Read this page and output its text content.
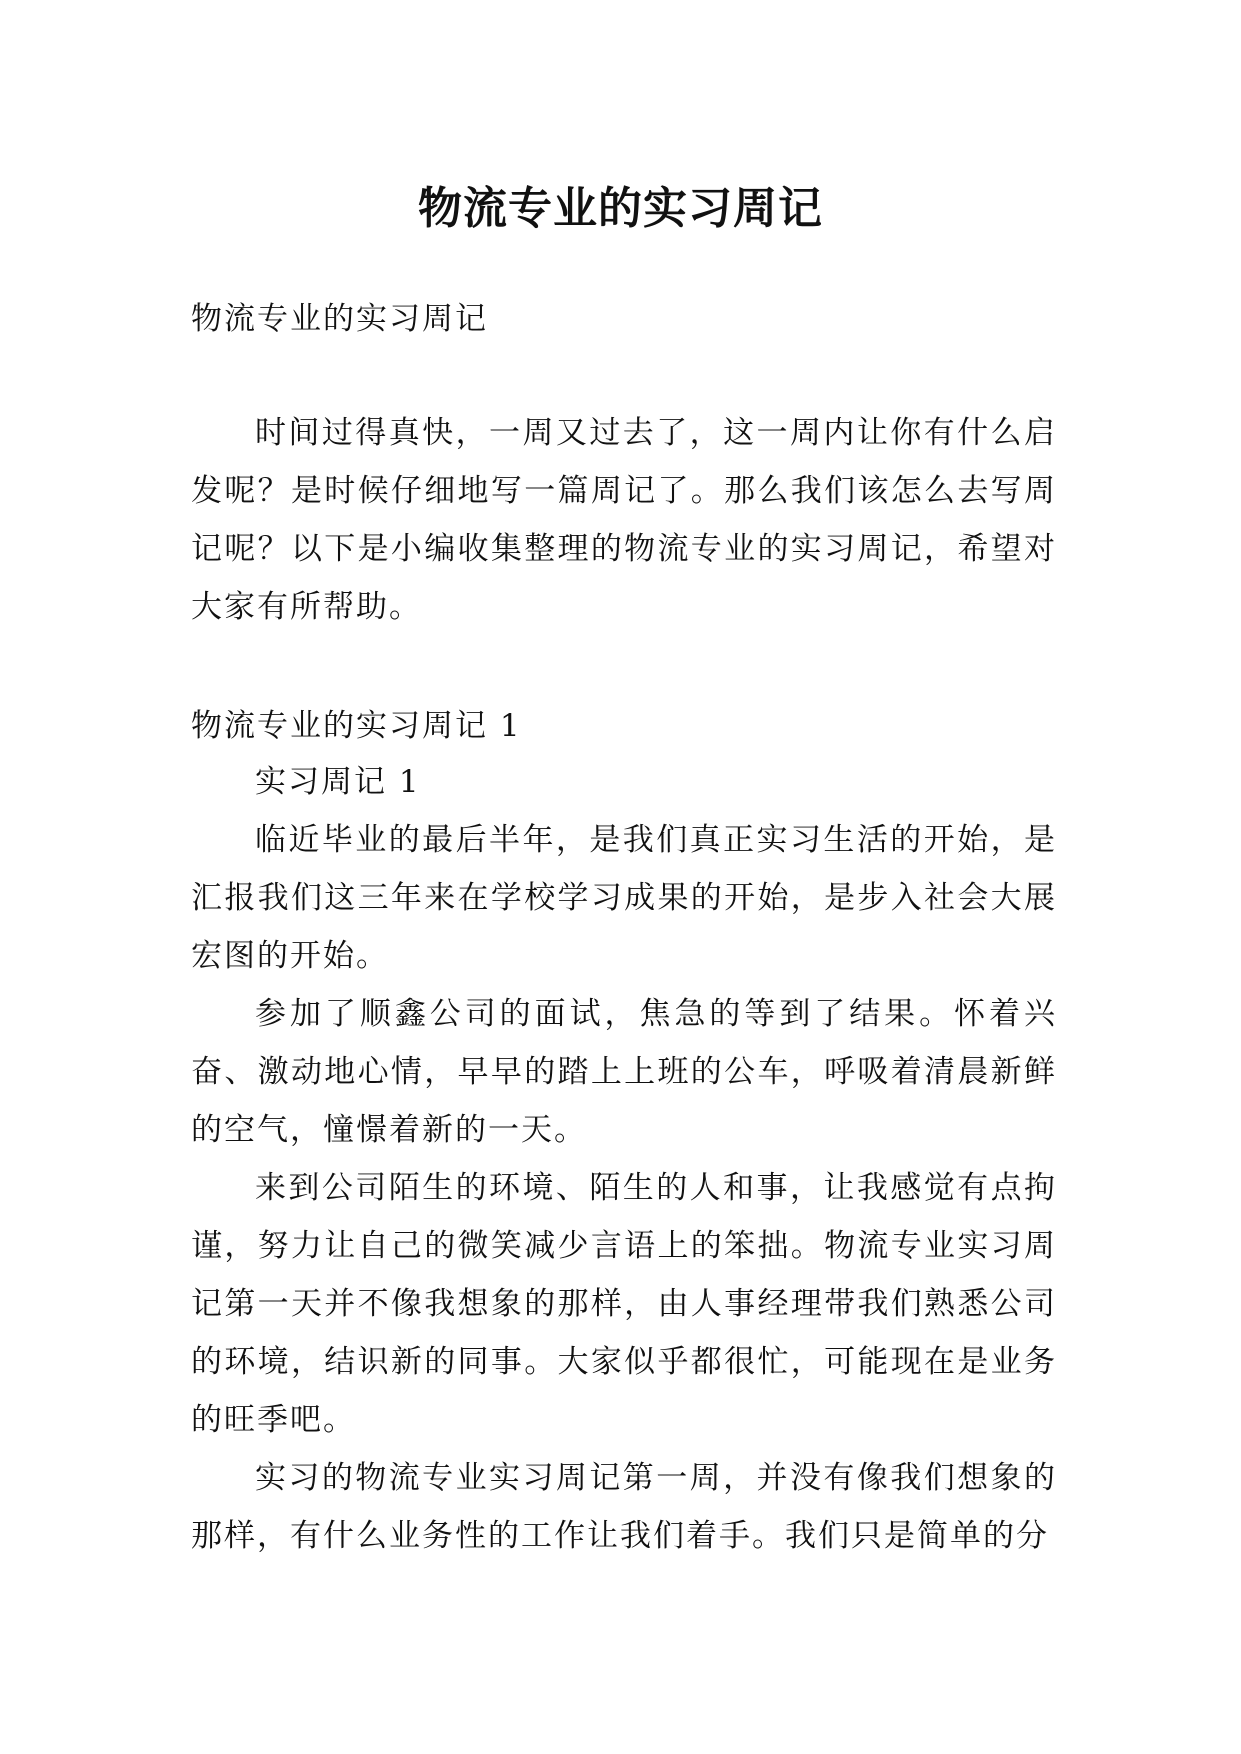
物流专业的实习周记
物流专业的实习周记

时间过得真快，一周又过去了，这一周内让你有什么启发呢？是时候仔细地写一篇周记了。那么我们该怎么去写周记呢？以下是小编收集整理的物流专业的实习周记，希望对大家有所帮助。

物流专业的实习周记 1

实习周记 1

临近毕业的最后半年，是我们真正实习生活的开始，是汇报我们这三年来在学校学习成果的开始，是步入社会大展宏图的开始。

参加了顺鑫公司的面试，焦急的等到了结果。怀着兴奋、激动地心情，早早的踏上上班的公车，呼吸着清晨新鲜的空气，憧憬着新的一天。

来到公司陌生的环境、陌生的人和事，让我感觉有点拘谨，努力让自己的微笑减少言语上的笨拙。物流专业实习周记第一天并不像我想象的那样，由人事经理带我们熟悉公司的环境，结识新的同事。大家似乎都很忙，可能现在是业务的旺季吧。

实习的物流专业实习周记第一周，并没有像我们想象的那样，有什么业务性的工作让我们着手。我们只是简单的分
